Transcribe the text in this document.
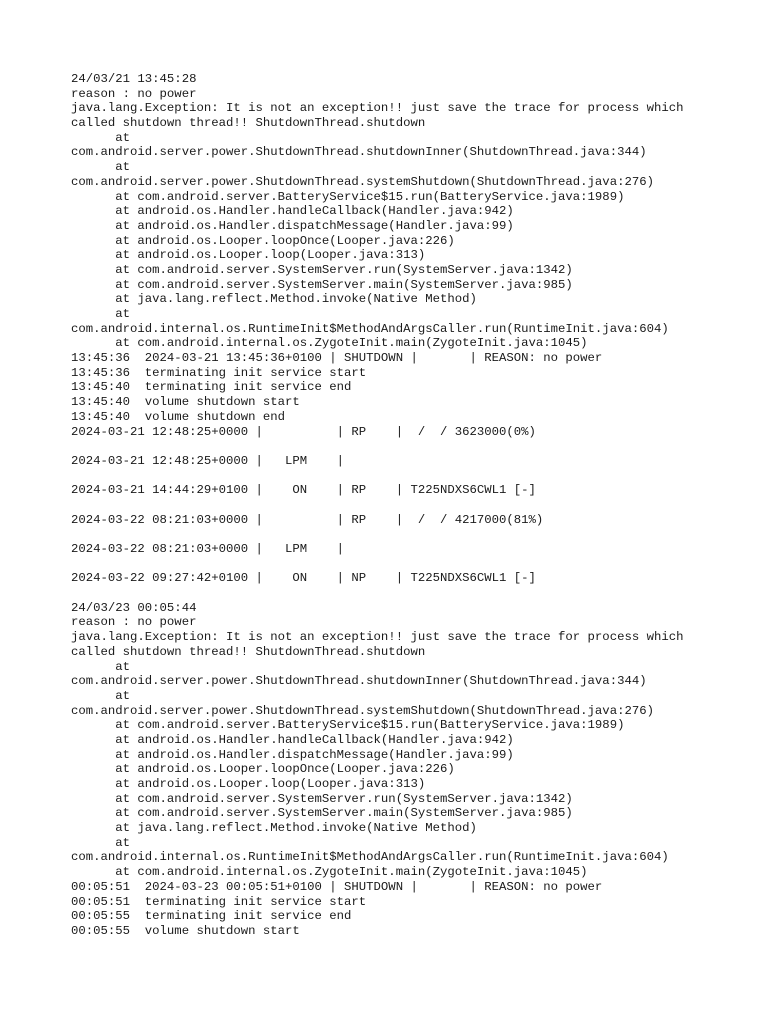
24/03/21 13:45:28
reason : no power
java.lang.Exception: It is not an exception!! just save the trace for process which
called shutdown thread!! ShutdownThread.shutdown
at
com.android.server.power.ShutdownThread.shutdownInner(ShutdownThread.java:344)
at
com.android.server.power.ShutdownThread.systemShutdown(ShutdownThread.java:276)
at com.android.server.BatteryService$15.run(BatteryService.java:1989)
at android.os.Handler.handleCallback(Handler.java:942)
at android.os.Handler.dispatchMessage(Handler.java:99)
at android.os.Looper.loopOnce(Looper.java:226)
at android.os.Looper.loop(Looper.java:313)
at com.android.server.SystemServer.run(SystemServer.java:1342)
at com.android.server.SystemServer.main(SystemServer.java:985)
at java.lang.reflect.Method.invoke(Native Method)
at
com.android.internal.os.RuntimeInit$MethodAndArgsCaller.run(RuntimeInit.java:604)
at com.android.internal.os.ZygoteInit.main(ZygoteInit.java:1045)
13:45:36  2024-03-21 13:45:36+0100 | SHUTDOWN |       | REASON: no power
13:45:36  terminating init service start
13:45:40  terminating init service end
13:45:40  volume shutdown start
13:45:40  volume shutdown end
2024-03-21 12:48:25+0000 |          | RP    |  /  / 3623000(0%)
2024-03-21 12:48:25+0000 |   LPM    |
2024-03-21 14:44:29+0100 |    ON    | RP    | T225NDXS6CWL1 [-]
2024-03-22 08:21:03+0000 |          | RP    |  /  / 4217000(81%)
2024-03-22 08:21:03+0000 |   LPM    |
2024-03-22 09:27:42+0100 |    ON    | NP    | T225NDXS6CWL1 [-]
24/03/23 00:05:44
reason : no power
java.lang.Exception: It is not an exception!! just save the trace for process which
called shutdown thread!! ShutdownThread.shutdown
at
com.android.server.power.ShutdownThread.shutdownInner(ShutdownThread.java:344)
at
com.android.server.power.ShutdownThread.systemShutdown(ShutdownThread.java:276)
at com.android.server.BatteryService$15.run(BatteryService.java:1989)
at android.os.Handler.handleCallback(Handler.java:942)
at android.os.Handler.dispatchMessage(Handler.java:99)
at android.os.Looper.loopOnce(Looper.java:226)
at android.os.Looper.loop(Looper.java:313)
at com.android.server.SystemServer.run(SystemServer.java:1342)
at com.android.server.SystemServer.main(SystemServer.java:985)
at java.lang.reflect.Method.invoke(Native Method)
at
com.android.internal.os.RuntimeInit$MethodAndArgsCaller.run(RuntimeInit.java:604)
at com.android.internal.os.ZygoteInit.main(ZygoteInit.java:1045)
00:05:51  2024-03-23 00:05:51+0100 | SHUTDOWN |       | REASON: no power
00:05:51  terminating init service start
00:05:55  terminating init service end
00:05:55  volume shutdown start
